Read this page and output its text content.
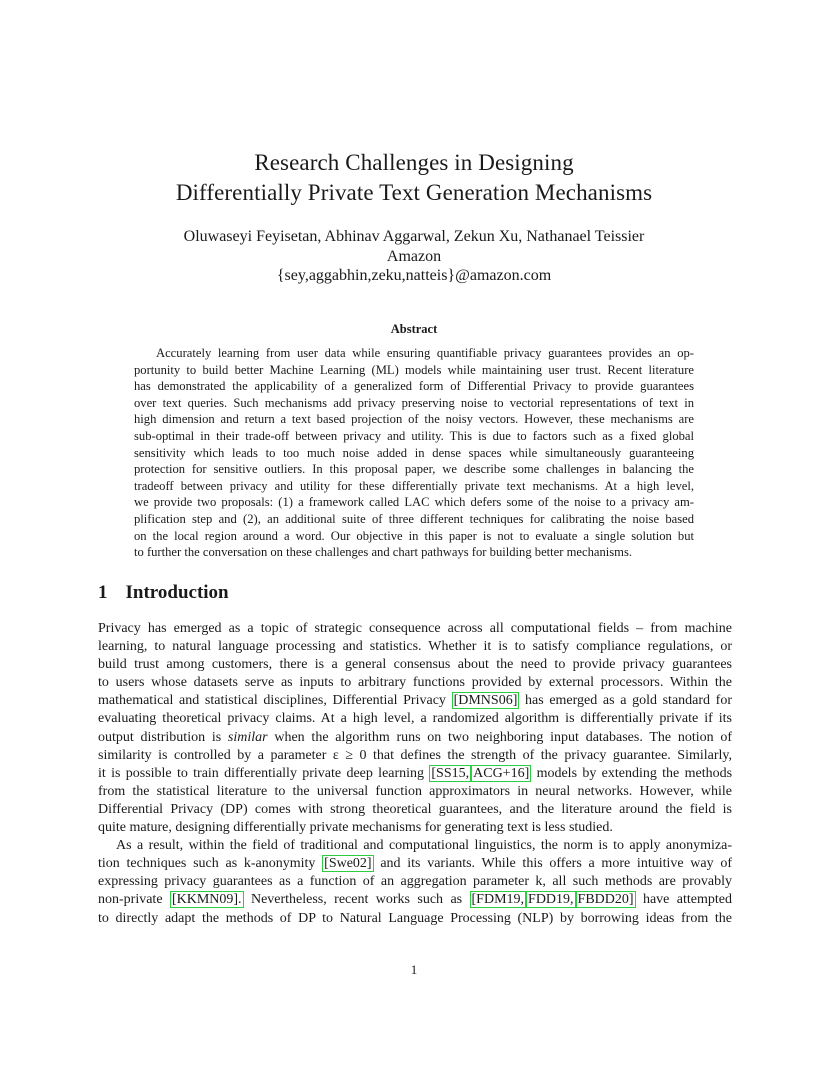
Research Challenges in Designing
Differentially Private Text Generation Mechanisms
Oluwaseyi Feyisetan, Abhinav Aggarwal, Zekun Xu, Nathanael Teissier
Amazon
{sey,aggabhin,zeku,natteis}@amazon.com
Abstract
Accurately learning from user data while ensuring quantifiable privacy guarantees provides an op-
portunity to build better Machine Learning (ML) models while maintaining user trust. Recent literature
has demonstrated the applicability of a generalized form of Differential Privacy to provide guarantees
over text queries. Such mechanisms add privacy preserving noise to vectorial representations of text in
high dimension and return a text based projection of the noisy vectors. However, these mechanisms are
sub-optimal in their trade-off between privacy and utility. This is due to factors such as a fixed global
sensitivity which leads to too much noise added in dense spaces while simultaneously guaranteeing
protection for sensitive outliers. In this proposal paper, we describe some challenges in balancing the
tradeoff between privacy and utility for these differentially private text mechanisms. At a high level,
we provide two proposals: (1) a framework called LAC which defers some of the noise to a privacy am-
plification step and (2), an additional suite of three different techniques for calibrating the noise based
on the local region around a word. Our objective in this paper is not to evaluate a single solution but
to further the conversation on these challenges and chart pathways for building better mechanisms.
1 Introduction
Privacy has emerged as a topic of strategic consequence across all computational fields – from machine
learning, to natural language processing and statistics. Whether it is to satisfy compliance regulations, or
build trust among customers, there is a general consensus about the need to provide privacy guarantees
to users whose datasets serve as inputs to arbitrary functions provided by external processors. Within the
mathematical and statistical disciplines, Differential Privacy [DMNS06] has emerged as a gold standard for
evaluating theoretical privacy claims. At a high level, a randomized algorithm is differentially private if its
output distribution is similar when the algorithm runs on two neighboring input databases. The notion of
similarity is controlled by a parameter ε ≥ 0 that defines the strength of the privacy guarantee. Similarly,
it is possible to train differentially private deep learning [SS15, ACG+16] models by extending the methods
from the statistical literature to the universal function approximators in neural networks. However, while
Differential Privacy (DP) comes with strong theoretical guarantees, and the literature around the field is
quite mature, designing differentially private mechanisms for generating text is less studied.
As a result, within the field of traditional and computational linguistics, the norm is to apply anonymiza-
tion techniques such as k-anonymity [Swe02] and its variants. While this offers a more intuitive way of
expressing privacy guarantees as a function of an aggregation parameter k, all such methods are provably
non-private [KKMN09]. Nevertheless, recent works such as [FDM19, FDD19, FBDD20] have attempted
to directly adapt the methods of DP to Natural Language Processing (NLP) by borrowing ideas from the
1
